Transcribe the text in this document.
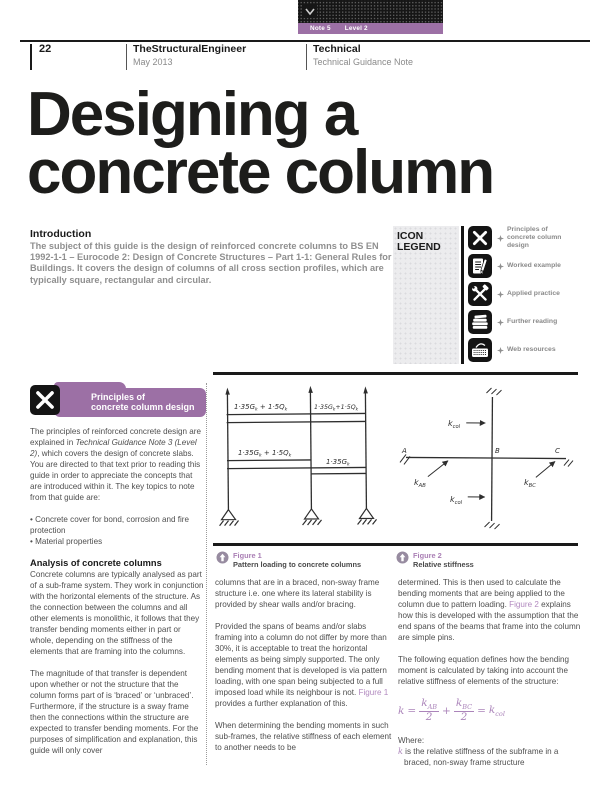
Note 5 Level 2
22	TheStructuralEngineer
May 2013
Technical
Technical Guidance Note
Designing a concrete column
Introduction
The subject of this guide is the design of reinforced concrete columns to BS EN 1992-1-1 – Eurocode 2: Design of Concrete Structures – Part 1-1: General Rules for Buildings. It covers the design of columns of all cross section profiles, which are typically square, rectangular and circular.
ICON LEGEND
Principles of concrete column design
Worked example
Applied practice
Further reading
Web resources
$1\cdot 35G_k + 1\cdot 5Q_k$	$1\cdot 35G_k+1\cdot 5Q_k$
$1\cdot 35G_k + 1\cdot 5Q_k$
$1\cdot 35G_k$
A	B	C
$k_{col}$
$k_{AB}$	$k_{BC}$
$k_{col}$
Figure 1
Pattern loading to concrete columns
Figure 2
Relative stiffness
Principles of
concrete column design

The principles of reinforced concrete design are explained in Technical Guidance Note 3 (Level 2), which covers the design of concrete slabs. You are directed to that text prior to reading this guide in order to appreciate the concepts that are introduced within it. The key topics to note from that guide are:

• Concrete cover for bond, corrosion and fire protection
• Material properties
Analysis of concrete columns

Concrete columns are typically analysed as part of a sub-frame system. They work in conjunction with the horizontal elements of the structure. As the connection between the columns and all other elements is monolithic, it follows that they transfer bending moments either in part or whole, depending on the stiffness of the elements that are framing into the columns.

The magnitude of that transfer is dependent upon whether or not the structure that the column forms part of is ‘braced’ or ‘unbraced’. Furthermore, if the structure is a sway frame then the connections within the structure are expected to transfer bending moments. For the purposes of simplification and explanation, this guide will only cover

columns that are in a braced, non-sway frame structure i.e. one where its lateral stability is provided by shear walls and/or bracing.

Provided the spans of beams and/or slabs framing into a column do not differ by more than 30%, it is acceptable to treat the horizontal elements as being simply supported. The only bending moment that is developed is via pattern loading, with one span being subjected to a full imposed load while its neighbour is not. Figure 1 provides a further explanation of this.

When determining the bending moments in such sub-frames, the relative stiffness of each element to another needs to be

determined. This is then used to calculate the bending moments that are being applied to the column due to pattern loading. Figure 2 explains how this is developed with the assumption that the end spans of the beams that frame into the column are simple pins.

The following equation defines how the bending moment is calculated by taking into account the relative stiffness of elements of the structure:

$k = \frac{k_{AB}}{2} + \frac{k_{BC}}{2} = k_{col}$

Where:

k is the relative stiffness of the subframe in a

braced, non-sway frame structure
